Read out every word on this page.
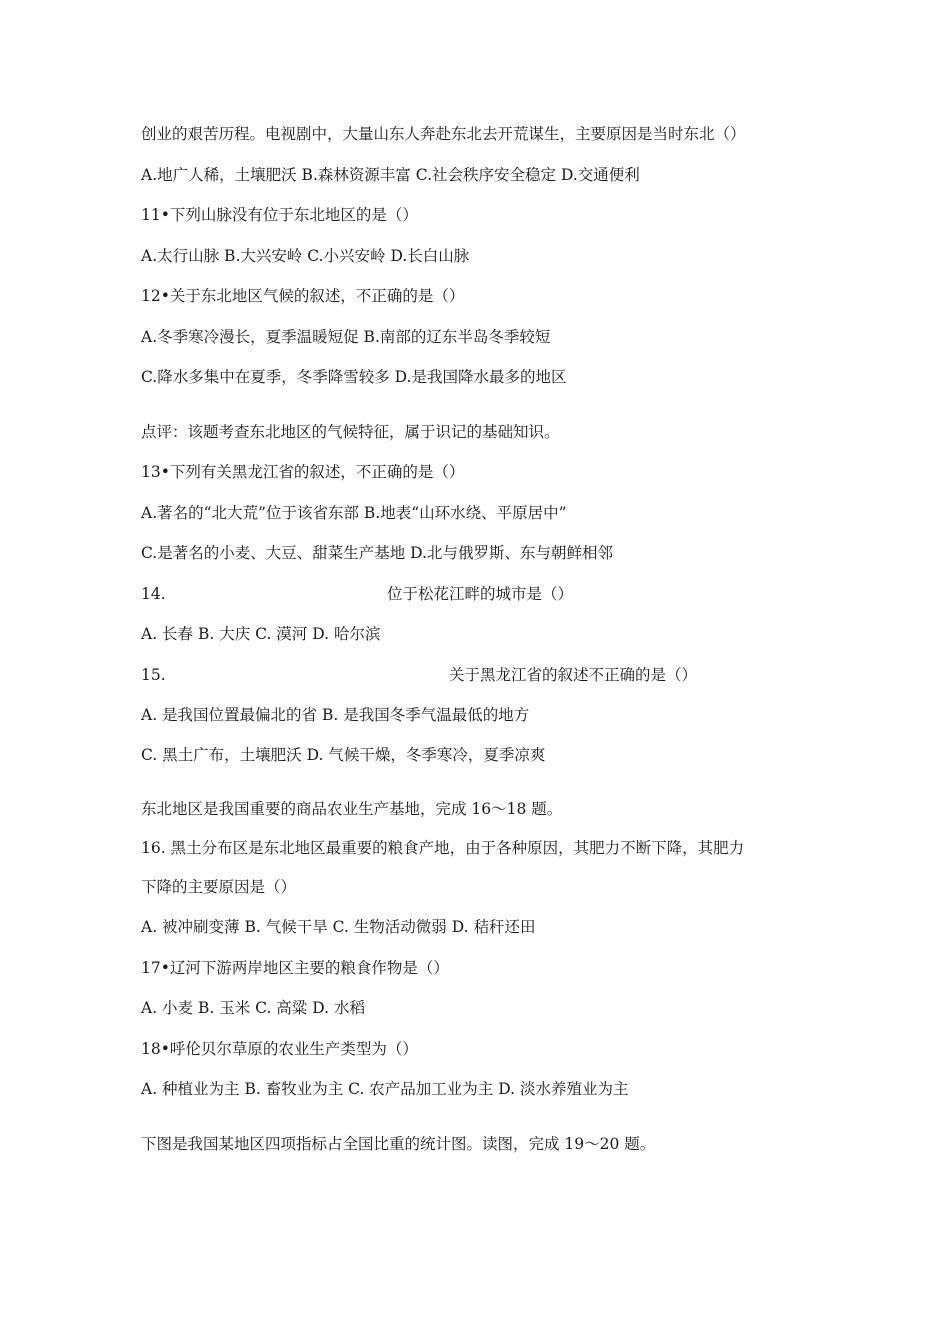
创业的艰苦历程。电视剧中，大量山东人奔赴东北去开荒谋生，主要原因是当时东北（）
A.地广人稀，土壤肥沃 B.森林资源丰富 C.社会秩序安全稳定 D.交通便利
11•下列山脉没有位于东北地区的是（）
A.太行山脉 B.大兴安岭 C.小兴安岭 D.长白山脉
12•关于东北地区气候的叙述，不正确的是（）
A.冬季寒冷漫长，夏季温暖短促 B.南部的辽东半岛冬季较短
C.降水多集中在夏季，冬季降雪较多 D.是我国降水最多的地区
点评：该题考查东北地区的气候特征，属于识记的基础知识。
13•下列有关黑龙江省的叙述，不正确的是（）
A.著名的“北大荒”位于该省东部 B.地表“山环水绕、平原居中”
C.是著名的小麦、大豆、甜菜生产基地 D.北与俄罗斯、东与朝鲜相邻
14.	位于松花江畔的城市是（）
A. 长春 B. 大庆 C. 漠河 D. 哈尔滨
15.	关于黑龙江省的叙述不正确的是（）
A. 是我国位置最偏北的省 B. 是我国冬季气温最低的地方
C. 黑土广布，土壤肥沃 D. 气候干燥，冬季寒冷，夏季凉爽
东北地区是我国重要的商品农业生产基地，完成 16〜18 题。
16. 黑土分布区是东北地区最重要的粮食产地，由于各种原因，其肥力不断下降，其肥力
下降的主要原因是（）
A. 被冲刷变薄 B. 气候干旱 C. 生物活动微弱 D. 秸秆还田
17•辽河下游两岸地区主要的粮食作物是（）
A. 小麦 B. 玉米 C. 高粱 D. 水稻
18•呼伦贝尔草原的农业生产类型为（）
A. 种植业为主 B. 畜牧业为主 C. 农产品加工业为主 D. 淡水养殖业为主
下图是我国某地区四项指标占全国比重的统计图。读图，完成 19〜20 题。
